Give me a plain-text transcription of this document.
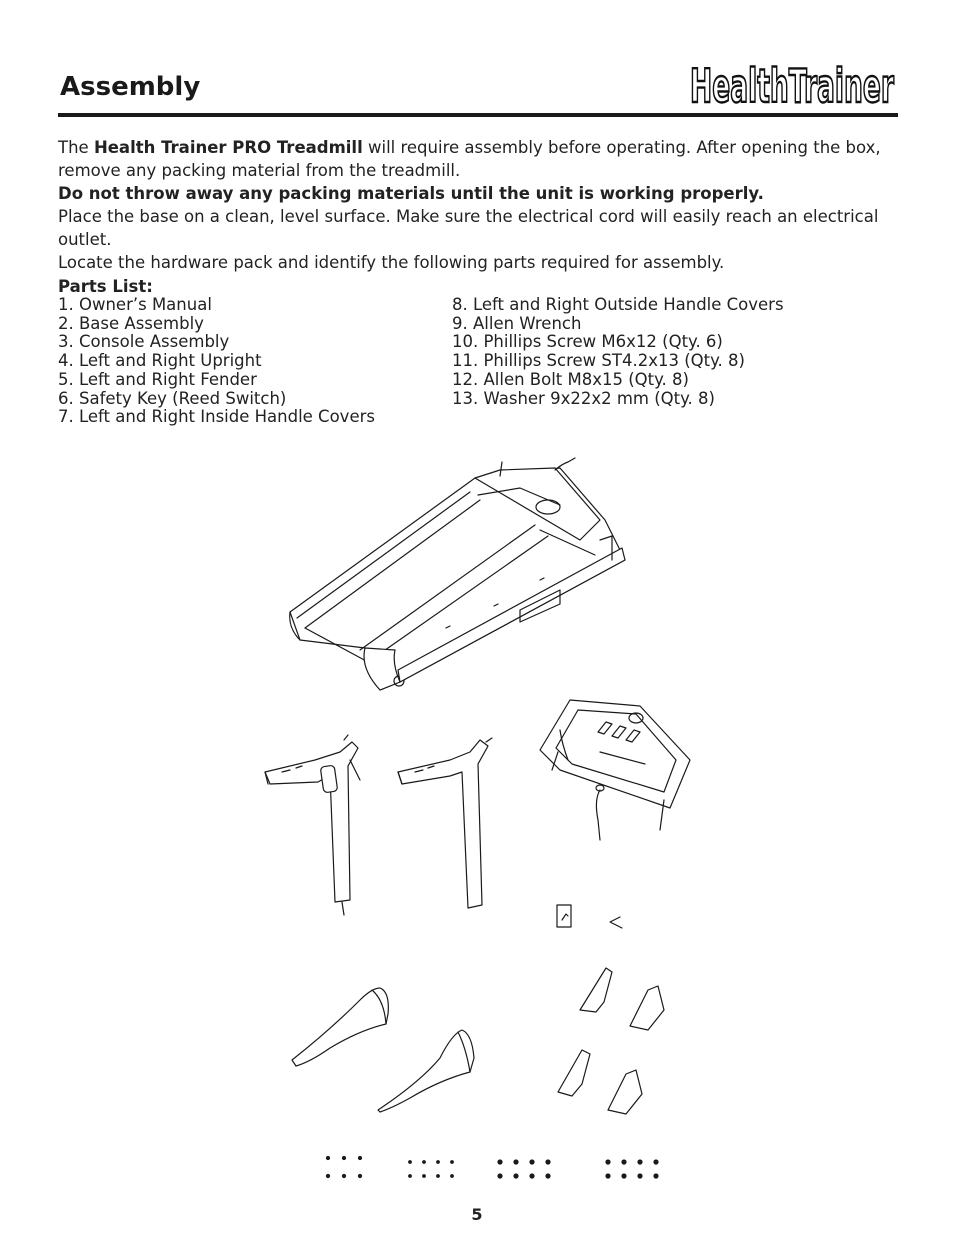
Assembly	HealthTrainer

The Health Trainer PRO Treadmill will require assembly before operating. After opening the box, remove any packing material from the treadmill.

Do not throw away any packing materials until the unit is working properly.

Place the base on a clean, level surface. Make sure the electrical cord will easily reach an electrical outlet.

Locate the hardware pack and identify the following parts required for assembly.

Parts List:

1. Owner’s Manual
2. Base Assembly
3. Console Assembly
4. Left and Right Upright
5. Left and Right Fender
6. Safety Key (Reed Switch)
7. Left and Right Inside Handle Covers
8. Left and Right Outside Handle Covers
9. Allen Wrench
10. Phillips Screw M6x12 (Qty. 6)
11. Phillips Screw ST4.2x13 (Qty. 8)
12. Allen Bolt M8x15 (Qty. 8)
13. Washer 9x22x2 mm (Qty. 8)
5
